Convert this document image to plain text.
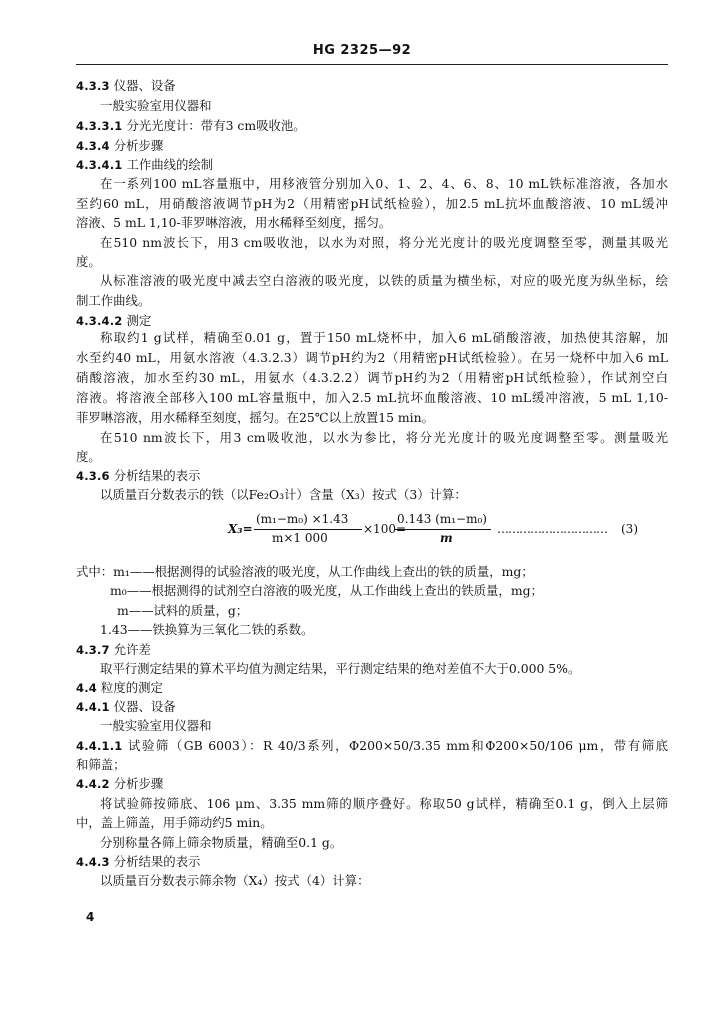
HG 2325—92
4.3.3 仪器、设备
一般实验室用仪器和
4.3.3.1 分光光度计：带有3 cm吸收池。
4.3.4 分析步骤
4.3.4.1 工作曲线的绘制
在一系列100 mL容量瓶中，用移液管分别加入0、1、2、4、6、8、10 mL铁标准溶液，各加水
至约60 mL，用硝酸溶液调节pH为2（用精密pH试纸检验），加2.5 mL抗坏血酸溶液、10 mL缓冲
溶液、5 mL 1,10-菲罗啉溶液，用水稀释至刻度，摇匀。
在510 nm波长下，用3 cm吸收池，以水为对照，将分光光度计的吸光度调整至零，测量其吸光
度。
从标准溶液的吸光度中减去空白溶液的吸光度，以铁的质量为横坐标，对应的吸光度为纵坐标，绘
制工作曲线。
4.3.4.2 测定
称取约1 g试样，精确至0.01 g，置于150 mL烧杯中，加入6 mL硝酸溶液，加热使其溶解，加
水至约40 mL，用氨水溶液（4.3.2.3）调节pH约为2（用精密pH试纸检验）。在另一烧杯中加入6 mL
硝酸溶液，加水至约30 mL，用氨水（4.3.2.2）调节pH约为2（用精密pH试纸检验），作试剂空白
溶液。将溶液全部移入100 mL容量瓶中，加入2.5 mL抗坏血酸溶液、10 mL缓冲溶液，5 mL 1,10-
菲罗啉溶液，用水稀释至刻度，摇匀。在25℃以上放置15 min。
在510 nm波长下，用3 cm吸收池，以水为参比，将分光光度计的吸光度调整至零。测量吸光
度。
4.3.6 分析结果的表示
以质量百分数表示的铁（以Fe₂O₃计）含量（X₃）按式（3）计算：
X₃=
(m₁−m₀) ×1.43
m×1 000
×100=
0.143 (m₁−m₀)
m
………………………… (3)
式中：m₁——根据测得的试验溶液的吸光度，从工作曲线上查出的铁的质量，mg；
m₀——根据测得的试剂空白溶液的吸光度，从工作曲线上查出的铁质量，mg；
m——试料的质量，g；
1.43——铁换算为三氧化二铁的系数。
4.3.7 允许差
取平行测定结果的算术平均值为测定结果，平行测定结果的绝对差值不大于0.000 5%。
4.4 粒度的测定
4.4.1 仪器、设备
一般实验室用仪器和
4.4.1.1 试验筛（GB 6003）：R 40/3系列，Φ200×50/3.35 mm和Φ200×50/106 μm，带有筛底
和筛盖；
4.4.2 分析步骤
将试验筛按筛底、106 μm、3.35 mm筛的顺序叠好。称取50 g试样，精确至0.1 g，倒入上层筛
中，盖上筛盖，用手筛动约5 min。
分别称量各筛上筛余物质量，精确至0.1 g。
4.4.3 分析结果的表示
以质量百分数表示筛余物（X₄）按式（4）计算：
4
